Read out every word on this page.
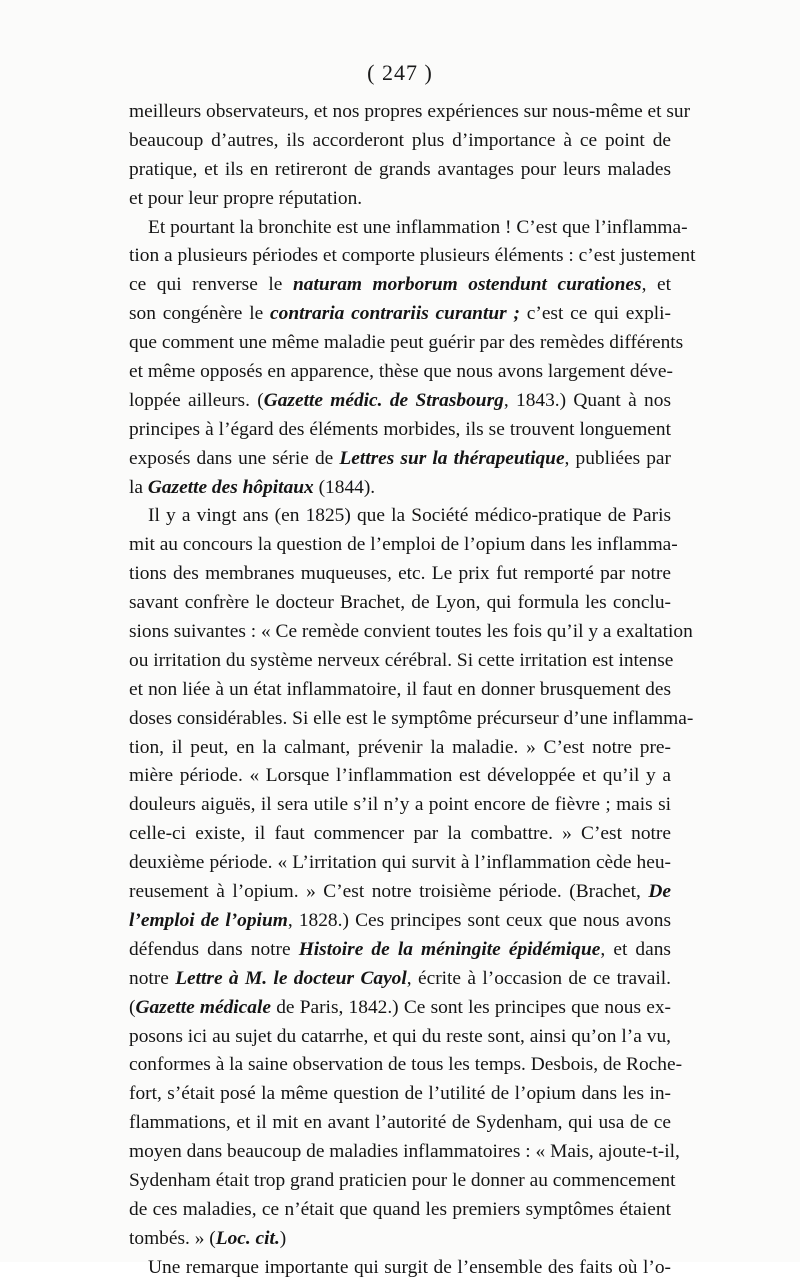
( 247 )
meilleurs observateurs, et nos propres expériences sur nous-même et sur
beaucoup d’autres, ils accorderont plus d’importance à ce point de
pratique, et ils en retireront de grands avantages pour leurs malades
et pour leur propre réputation.
Et pourtant la bronchite est une inflammation ! C’est que l’inflamma-
tion a plusieurs périodes et comporte plusieurs éléments : c’est justement
ce qui renverse le naturam morborum ostendunt curationes, et
son congénère le contraria contrariis curantur ; c’est ce qui expli-
que comment une même maladie peut guérir par des remèdes différents
et même opposés en apparence, thèse que nous avons largement déve-
loppée ailleurs. (Gazette médic. de Strasbourg, 1843.) Quant à nos
principes à l’égard des éléments morbides, ils se trouvent longuement
exposés dans une série de Lettres sur la thérapeutique, publiées par
la Gazette des hôpitaux (1844).
Il y a vingt ans (en 1825) que la Société médico-pratique de Paris
mit au concours la question de l’emploi de l’opium dans les inflamma-
tions des membranes muqueuses, etc. Le prix fut remporté par notre
savant confrère le docteur Brachet, de Lyon, qui formula les conclu-
sions suivantes : « Ce remède convient toutes les fois qu’il y a exaltation
ou irritation du système nerveux cérébral. Si cette irritation est intense
et non liée à un état inflammatoire, il faut en donner brusquement des
doses considérables. Si elle est le symptôme précurseur d’une inflamma-
tion, il peut, en la calmant, prévenir la maladie. » C’est notre pre-
mière période. « Lorsque l’inflammation est développée et qu’il y a
douleurs aiguës, il sera utile s’il n’y a point encore de fièvre ; mais si
celle-ci existe, il faut commencer par la combattre. » C’est notre
deuxième période. « L’irritation qui survit à l’inflammation cède heu-
reusement à l’opium. » C’est notre troisième période. (Brachet, De
l’emploi de l’opium, 1828.) Ces principes sont ceux que nous avons
défendus dans notre Histoire de la méningite épidémique, et dans
notre Lettre à M. le docteur Cayol, écrite à l’occasion de ce travail.
(Gazette médicale de Paris, 1842.) Ce sont les principes que nous ex-
posons ici au sujet du catarrhe, et qui du reste sont, ainsi qu’on l’a vu,
conformes à la saine observation de tous les temps. Desbois, de Roche-
fort, s’était posé la même question de l’utilité de l’opium dans les in-
flammations, et il mit en avant l’autorité de Sydenham, qui usa de ce
moyen dans beaucoup de maladies inflammatoires : « Mais, ajoute-t-il,
Sydenham était trop grand praticien pour le donner au commencement
de ces maladies, ce n’était que quand les premiers symptômes étaient
tombés. » (Loc. cit.)
Une remarque importante qui surgit de l’ensemble des faits où l’o-
